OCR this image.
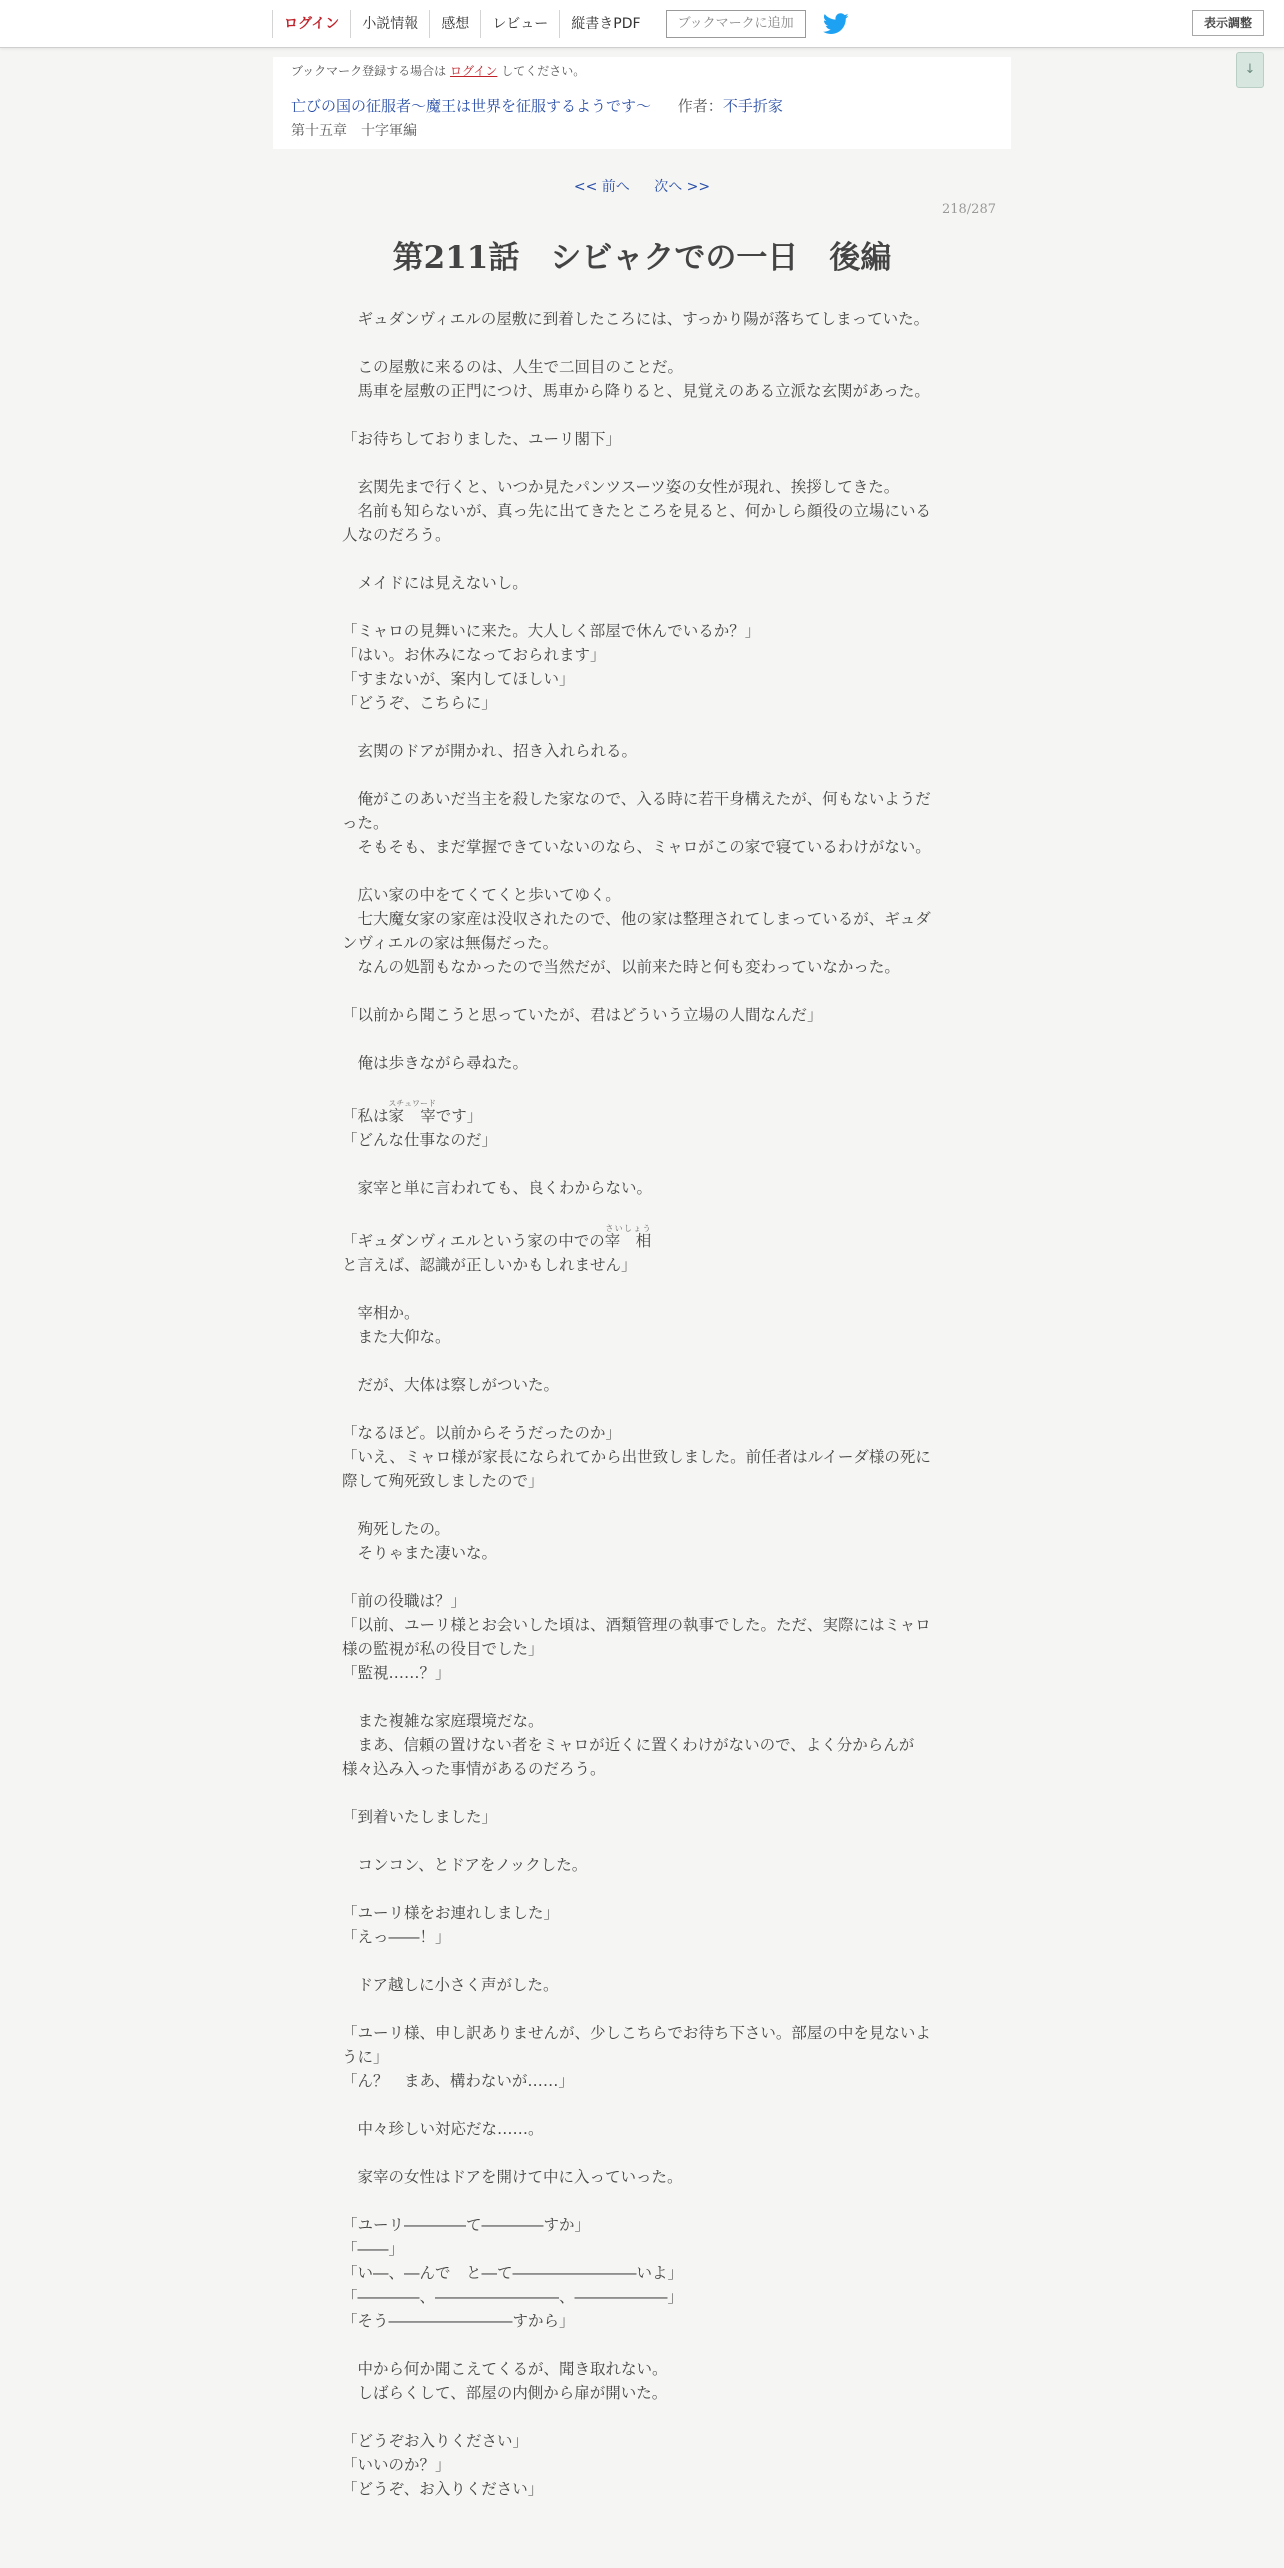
ログイン	小説情報	感想	レビュー	縦書きPDF	ブックマークに追加	表示調整
↓
ブックマーク登録する場合は ログイン してください。
亡びの国の征服者～魔王は世界を征服するようです～ 作者：不手折家
第十五章　十字軍編
<< 前へ 次へ >>
218/287
第211話　シビャクでの一日　後編

　ギュダンヴィエルの屋敷に到着したころには、すっかり陽が落ちてしまっていた。

　この屋敷に来るのは、人生で二回目のことだ。

　馬車を屋敷の正門につけ、馬車から降りると、見覚えのある立派な玄関があった。

「お待ちしておりました、ユーリ閣下」

　玄関先まで行くと、いつか見たパンツスーツ姿の女性が現れ、挨拶してきた。

　名前も知らないが、真っ先に出てきたところを見ると、何かしら顔役の立場にいる人なのだろう。

　メイドには見えないし。

「ミャロの見舞いに来た。大人しく部屋で休んでいるか？」

「はい。お休みになっておられます」

「すまないが、案内してほしい」

「どうぞ、こちらに」

　玄関のドアが開かれ、招き入れられる。

　俺がこのあいだ当主を殺した家なので、入る時に若干身構えたが、何もないようだった。

　そもそも、まだ掌握できていないのなら、ミャロがこの家で寝ているわけがない。

　広い家の中をてくてくと歩いてゆく。

　七大魔女家の家産は没収されたので、他の家は整理されてしまっているが、ギュダンヴィエルの家は無傷だった。

　なんの処罰もなかったので当然だが、以前来た時と何も変わっていなかった。

「以前から聞こうと思っていたが、君はどういう立場の人間なんだ」

　俺は歩きながら尋ねた。

「私は家　宰スチュワードです」

「どんな仕事なのだ」

　家宰と単に言われても、良くわからない。

「ギュダンヴィエルという家の中での宰　相さいしょうと言えば、認識が正しいかもしれません」

　宰相か。

　また大仰な。

　だが、大体は察しがついた。

「なるほど。以前からそうだったのか」

「いえ、ミャロ様が家長になられてから出世致しました。前任者はルイーダ様の死に際して殉死致しましたので」

　殉死したの。

　そりゃまた凄いな。

「前の役職は？」

「以前、ユーリ様とお会いした頃は、酒類管理の執事でした。ただ、実際にはミャロ様の監視が私の役目でした」

「監視……？」

　また複雑な家庭環境だな。

　まあ、信頼の置けない者をミャロが近くに置くわけがないので、よく分からんが様々込み入った事情があるのだろう。

「到着いたしました」

　コンコン、とドアをノックした。

「ユーリ様をお連れしました」

「えっ――！」

　ドア越しに小さく声がした。

「ユーリ様、申し訳ありませんが、少しこちらでお待ち下さい。部屋の中を見ないように」

「ん？　まあ、構わないが……」

　中々珍しい対応だな……。

　家宰の女性はドアを開けて中に入っていった。

「ユーリ――――て――――すか」

「――」

「い―、―んで　と―て――――――――いよ」

「――――、――――――――、――――――」

「そう――――――――すから」

　中から何か聞こえてくるが、聞き取れない。

　しばらくして、部屋の内側から扉が開いた。

「どうぞお入りください」

「いいのか？」

「どうぞ、お入りください」
